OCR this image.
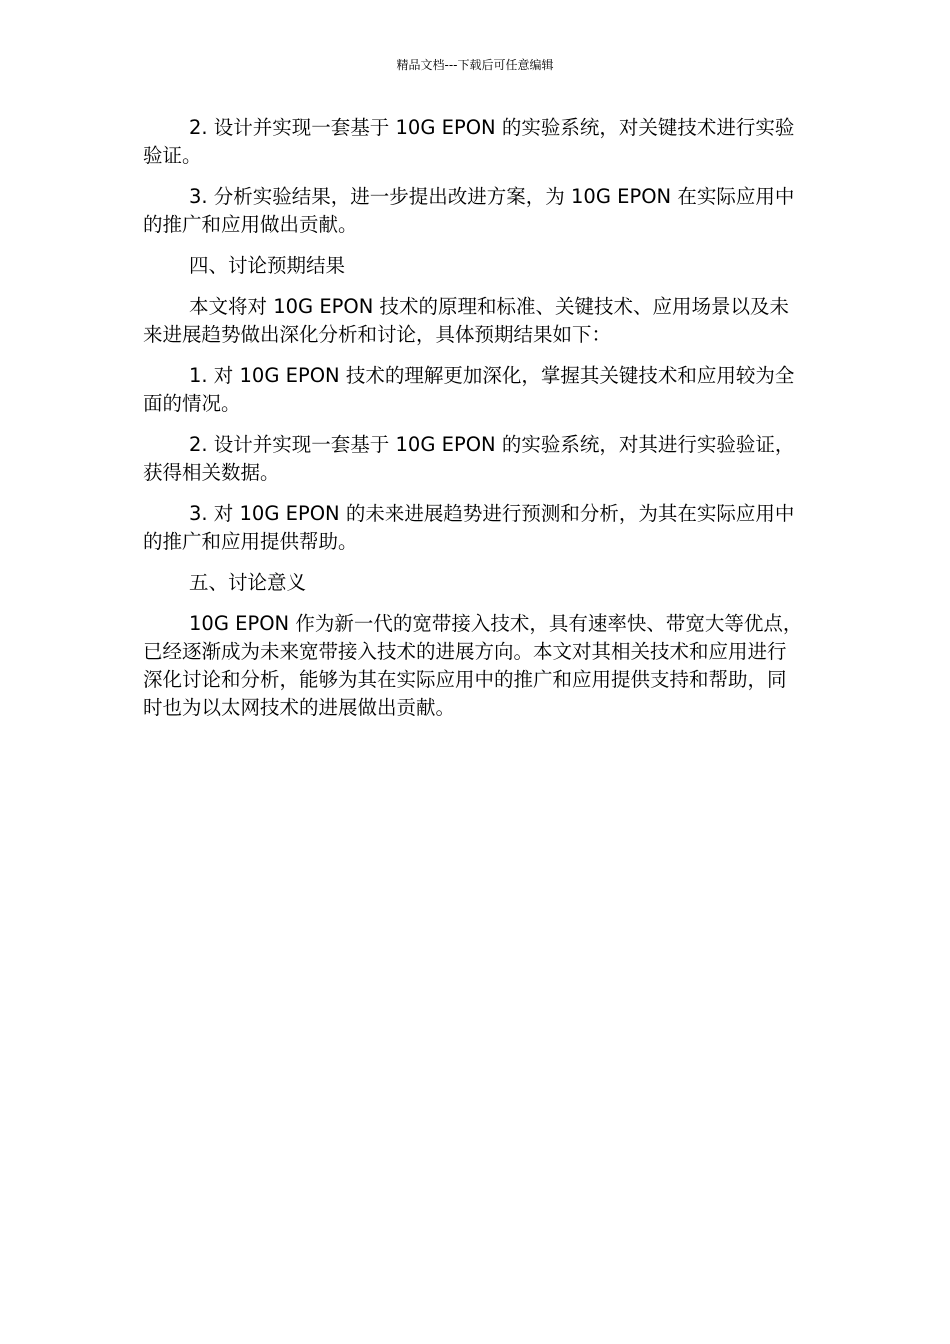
精品文档---下载后可任意编辑

2. 设计并实现一套基于 10G EPON 的实验系统，对关键技术进行实验验证。

3. 分析实验结果，进一步提出改进方案，为 10G EPON 在实际应用中的推广和应用做出贡献。

四、讨论预期结果

本文将对 10G EPON 技术的原理和标准、关键技术、应用场景以及未来进展趋势做出深化分析和讨论，具体预期结果如下：

1. 对 10G EPON 技术的理解更加深化，掌握其关键技术和应用较为全面的情况。

2. 设计并实现一套基于 10G EPON 的实验系统，对其进行实验验证，获得相关数据。

3. 对 10G EPON 的未来进展趋势进行预测和分析，为其在实际应用中的推广和应用提供帮助。

五、讨论意义

10G EPON 作为新一代的宽带接入技术，具有速率快、带宽大等优点，已经逐渐成为未来宽带接入技术的进展方向。本文对其相关技术和应用进行深化讨论和分析，能够为其在实际应用中的推广和应用提供支持和帮助，同时也为以太网技术的进展做出贡献。
